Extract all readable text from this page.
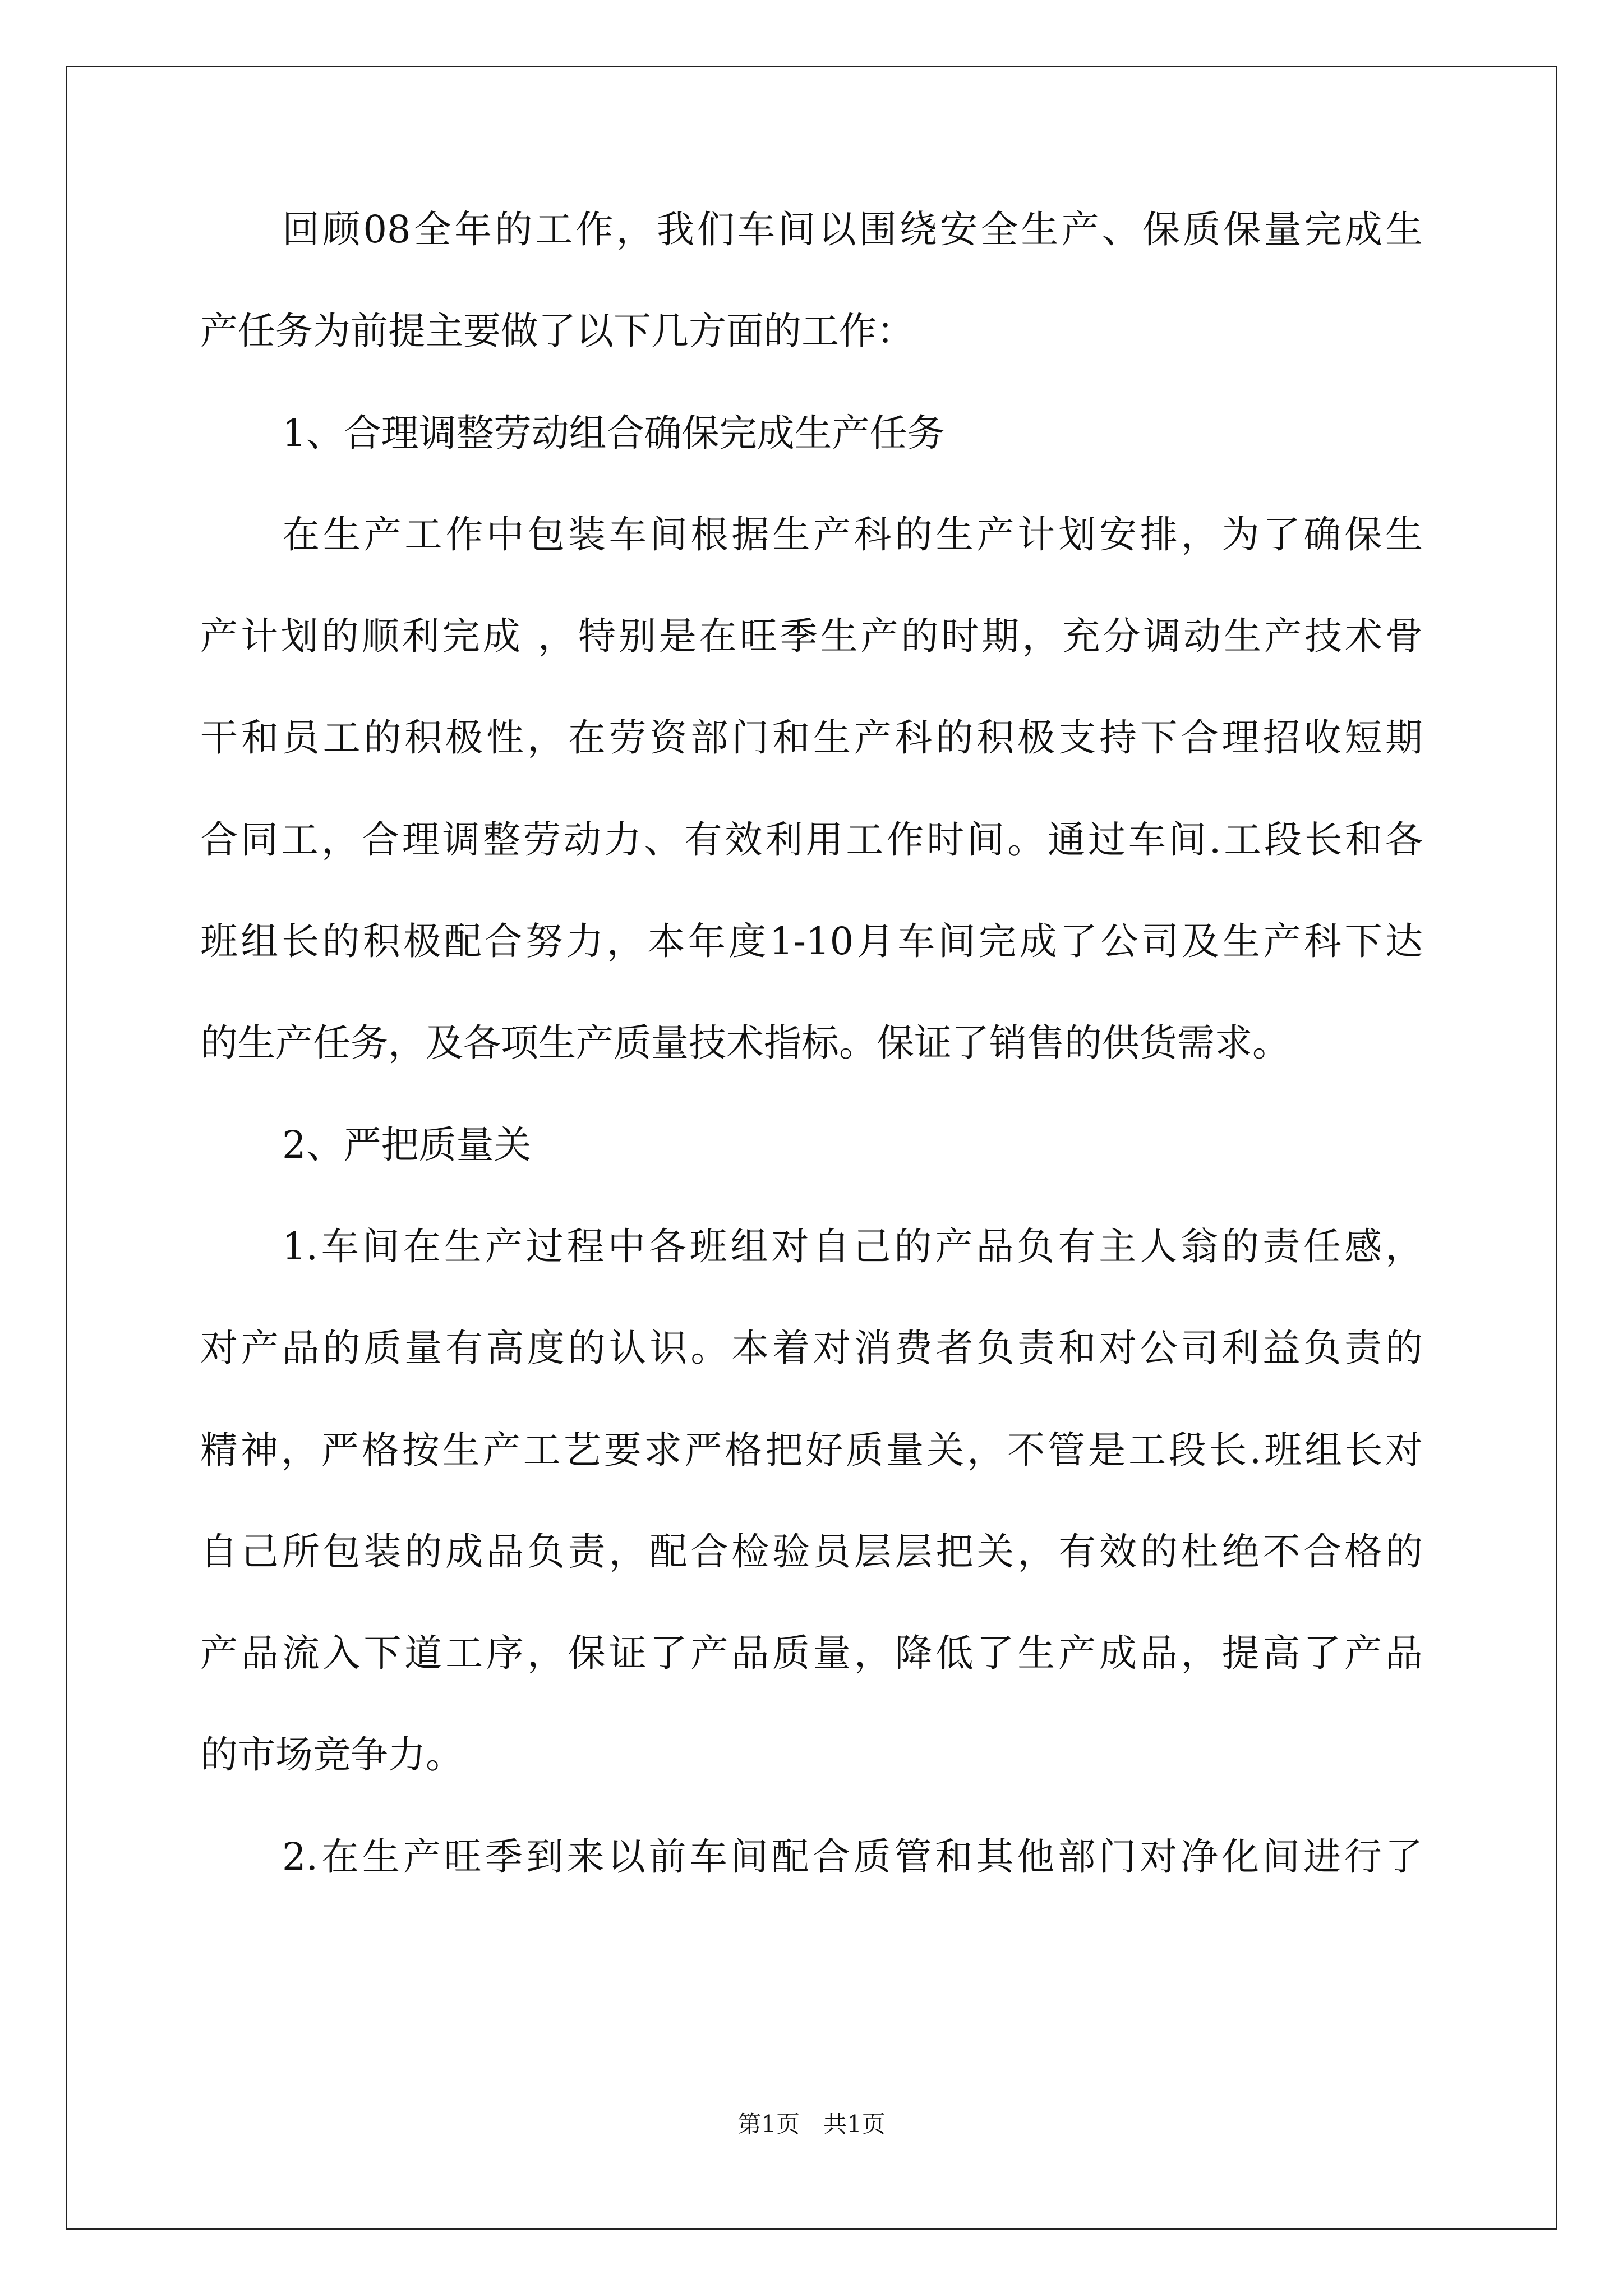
回顾08全年的工作，我们车间以围绕安全生产、保质保量完成生
产任务为前提主要做了以下几方面的工作：
1、合理调整劳动组合确保完成生产任务
在生产工作中包装车间根据生产科的生产计划安排，为了确保生
产计划的顺利完成 ，特别是在旺季生产的时期，充分调动生产技术骨
干和员工的积极性，在劳资部门和生产科的积极支持下合理招收短期
合同工，合理调整劳动力、有效利用工作时间。通过车间.工段长和各
班组长的积极配合努力，本年度1-10月车间完成了公司及生产科下达
的生产任务，及各项生产质量技术指标。保证了销售的供货需求。
2、严把质量关
1.车间在生产过程中各班组对自己的产品负有主人翁的责任感，
对产品的质量有高度的认识。本着对消费者负责和对公司利益负责的
精神，严格按生产工艺要求严格把好质量关，不管是工段长.班组长对
自己所包装的成品负责，配合检验员层层把关，有效的杜绝不合格的
产品流入下道工序，保证了产品质量，降低了生产成品，提高了产品
的市场竞争力。
2.在生产旺季到来以前车间配合质管和其他部门对净化间进行了
第1页　共1页
